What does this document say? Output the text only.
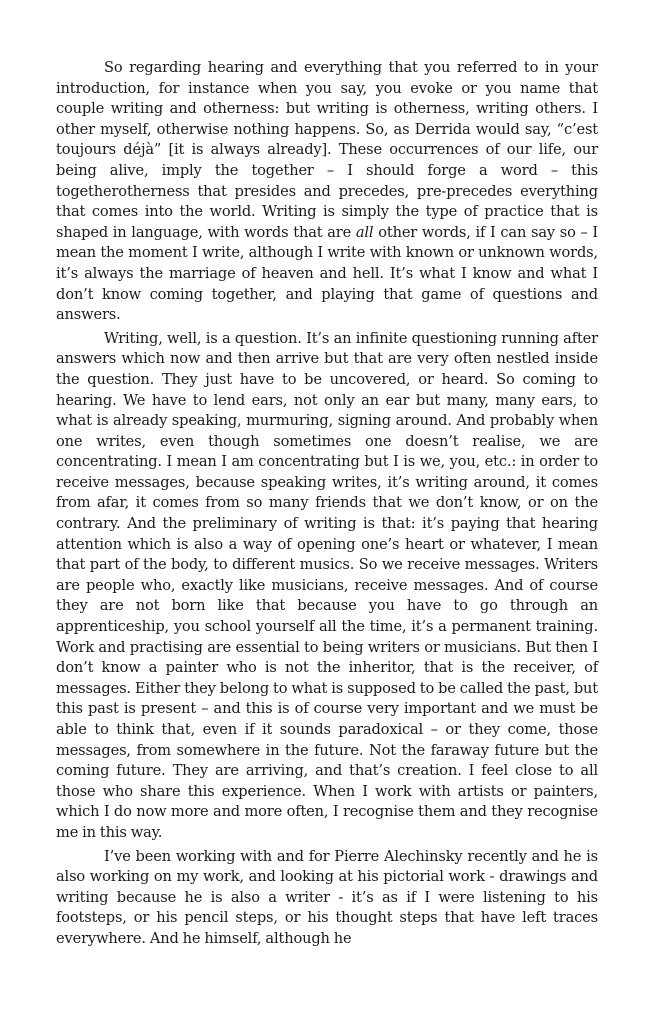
So regarding hearing and everything that you referred to in your introduction, for instance when you say, you evoke or you name that couple writing and otherness: but writing is otherness, writing others. I other myself, otherwise nothing happens. So, as Derrida would say, “c’est toujours déjà” [it is always already]. These occurrences of our life, our being alive, imply the together – I should forge a word – this togetherotherness that presides and precedes, pre-precedes everything that comes into the world. Writing is simply the type of practice that is shaped in language, with words that are all other words, if I can say so – I mean the moment I write, although I write with known or unknown words, it’s always the marriage of heaven and hell. It’s what I know and what I don’t know coming together, and playing that game of questions and answers.

Writing, well, is a question. It’s an infinite questioning running after answers which now and then arrive but that are very often nestled inside the question. They just have to be uncovered, or heard. So coming to hearing. We have to lend ears, not only an ear but many, many ears, to what is already speaking, murmuring, signing around. And probably when one writes, even though sometimes one doesn’t realise, we are concentrating. I mean I am concentrating but I is we, you, etc.: in order to receive messages, because speaking writes, it’s writing around, it comes from afar, it comes from so many friends that we don’t know, or on the contrary. And the preliminary of writing is that: it’s paying that hearing attention which is also a way of opening one’s heart or whatever, I mean that part of the body, to different musics. So we receive messages. Writers are people who, exactly like musicians, receive messages. And of course they are not born like that because you have to go through an apprenticeship, you school yourself all the time, it’s a permanent training. Work and practising are essential to being writers or musicians. But then I don’t know a painter who is not the inheritor, that is the receiver, of messages. Either they belong to what is supposed to be called the past, but this past is present – and this is of course very important and we must be able to think that, even if it sounds paradoxical – or they come, those messages, from somewhere in the future. Not the faraway future but the coming future. They are arriving, and that’s creation. I feel close to all those who share this experience. When I work with artists or painters, which I do now more and more often, I recognise them and they recognise me in this way.

I’ve been working with and for Pierre Alechinsky recently and he is also working on my work, and looking at his pictorial work - drawings and writing because he is also a writer - it’s as if I were listening to his footsteps, or his pencil steps, or his thought steps that have left traces everywhere. And he himself, although he
